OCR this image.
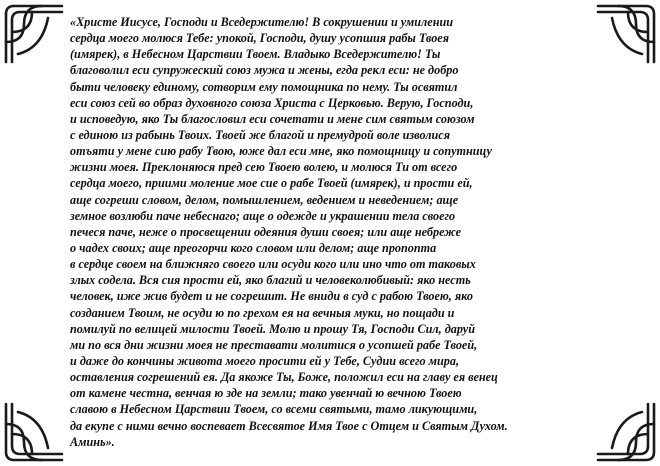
«Христе Иисусе, Господи и Вседержителю! В сокрушении и умилении
сердца моего молюся Тебе: упокой, Господи, душу усопшия рабы Твоея
(имярек), в Небесном Царствии Твоем. Владыко Вседержителю! Ты
благоволил еси супружеский союз мужа и жены, егда рекл еси: не добро
быти человеку единому, сотворим ему помощника по нему. Ты освятил
еси союз сей во образ духовного союза Христа с Церковью. Верую, Господи,
и исповедую, яко Ты благословил еси сочетати и мене сим святым союзом
с единою из рабынь Твоих. Твоей же благой и премудрой воле изволися
отъяти у мене сию рабу Твою, юже дал еси мне, яко помощницу и сопутницу
жизни моея. Преклоняюся пред сею Твоею волею, и молюся Ти от всего
сердца моего, приими моление мое сие о рабе Твоей (имярек), и прости ей,
аще согреши словом, делом, помышлением, ведением и неведением; аще
земное возлюби паче небеснаго; аще о одежде и украшении тела своего
печеся паче, неже о просвещении одеяния души своея; или аще небреже
о чадех своих; аще преогорчи кого словом или делом; аще пропопта
в сердце своем на ближняго своего или осуди кого или ино что от таковых
злых содела. Вся сия прости ей, яко благий и человеколюбивый: яко несть
человек, иже жив будет и не согрешит. Не вниди в суд с рабою Твоею, яко
созданием Твоим, не осуди ю по грехом ея на вечныя муки, но пощади и
помилуй по велицей милости Твоей. Молю и прошу Тя, Господи Сил, даруй
ми по вся дни жизни моея не преставати молитися о усопшей рабе Твоей,
и даже до кончины живота моего просити ей у Тебе, Судии всего мира,
оставления согрешений ея. Да якоже Ты, Боже, положил еси на главу ея венец
от камене честна, венчая ю зде на земли; тако увенчай ю вечною Твоею
славою в Небесном Царствии Твоем, со всеми святыми, тамо ликующими,
да екупе с ними вечно воспевает Всесвятое Имя Твое с Отцем и Святым Духом.
Аминь».
